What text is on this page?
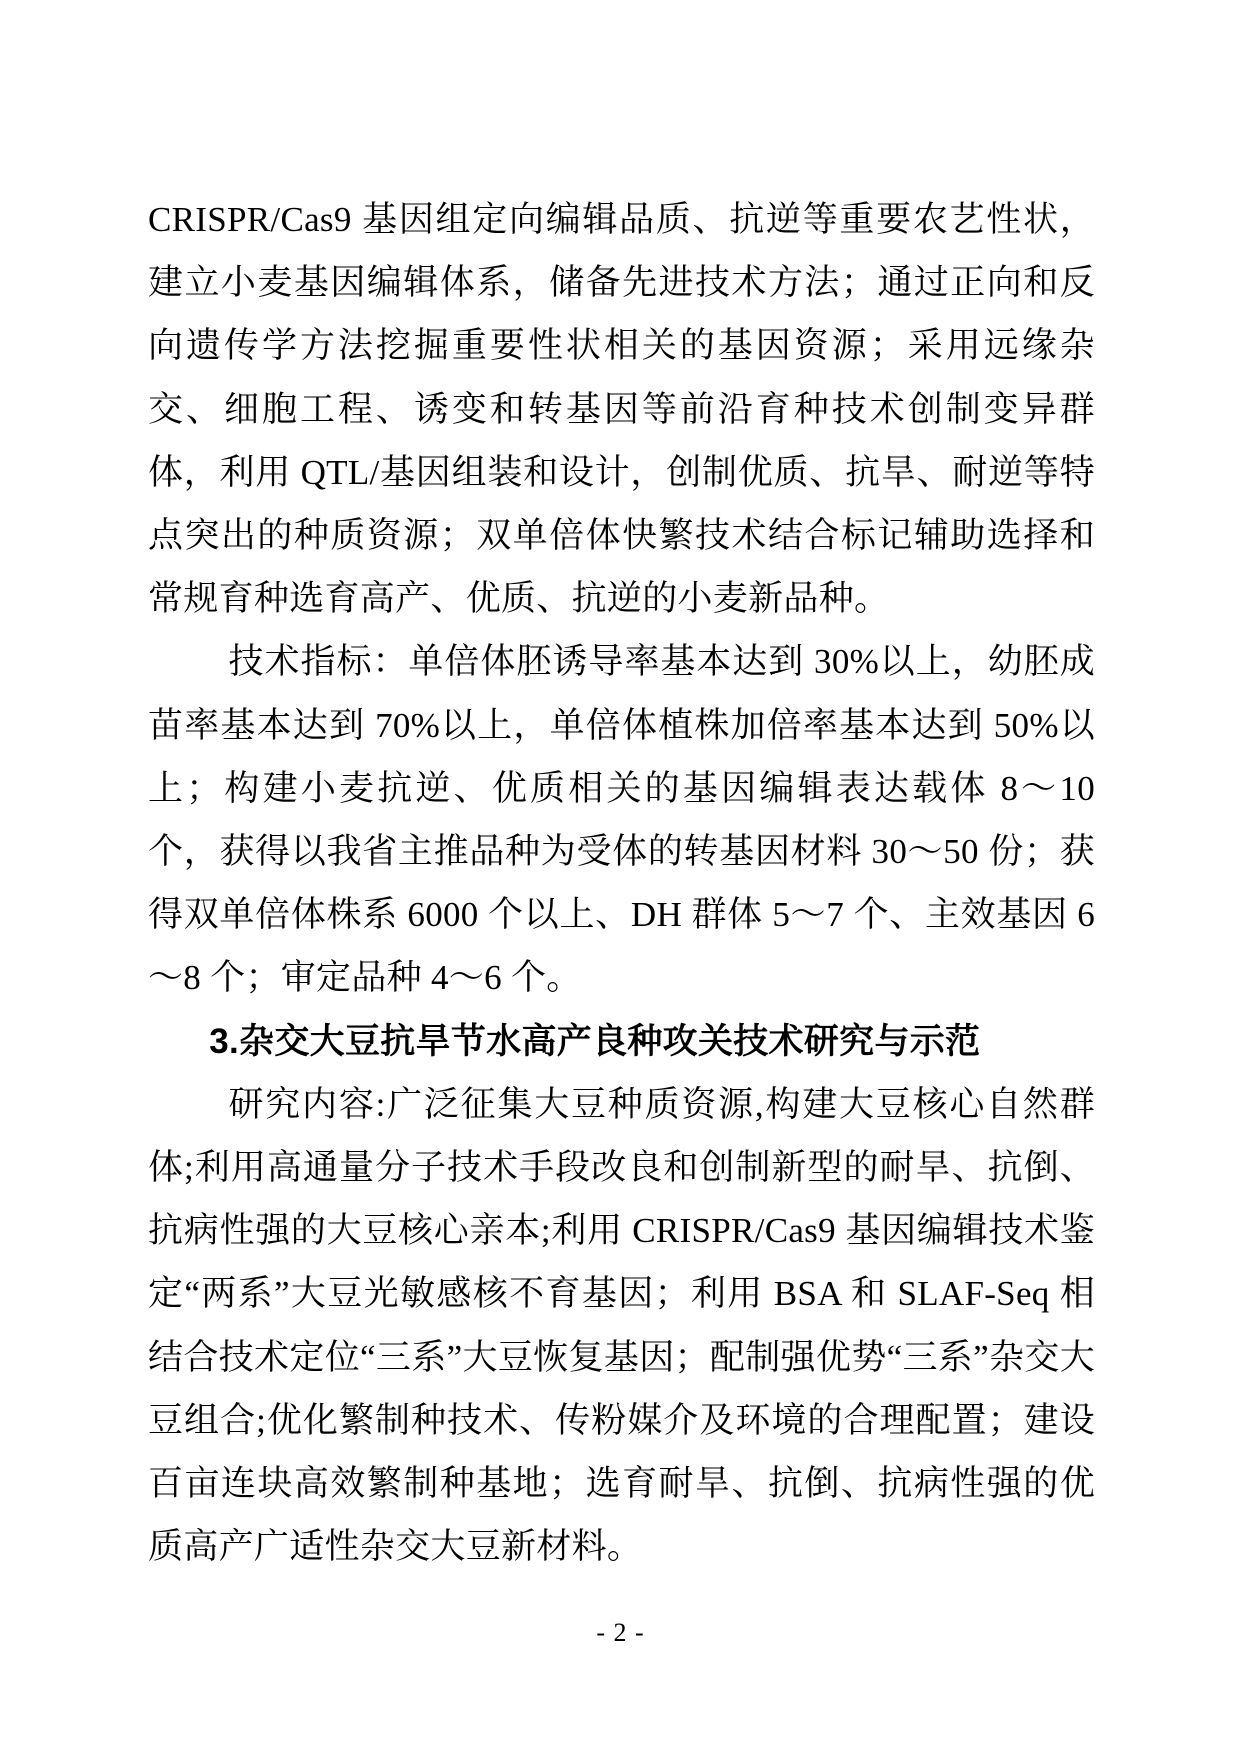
CRISPR/Cas9 基因组定向编辑品质、抗逆等重要农艺性状，建立小麦基因编辑体系，储备先进技术方法；通过正向和反向遗传学方法挖掘重要性状相关的基因资源；采用远缘杂交、细胞工程、诱变和转基因等前沿育种技术创制变异群体，利用 QTL/基因组装和设计，创制优质、抗旱、耐逆等特点突出的种质资源；双单倍体快繁技术结合标记辅助选择和常规育种选育高产、优质、抗逆的小麦新品种。

技术指标：单倍体胚诱导率基本达到 30%以上，幼胚成苗率基本达到 70%以上，单倍体植株加倍率基本达到 50%以上；构建小麦抗逆、优质相关的基因编辑表达载体 8～10 个，获得以我省主推品种为受体的转基因材料 30～50 份；获得双单倍体株系 6000 个以上、DH 群体 5～7 个、主效基因 6～8 个；审定品种 4～6 个。

3.杂交大豆抗旱节水高产良种攻关技术研究与示范

研究内容:广泛征集大豆种质资源,构建大豆核心自然群体;利用高通量分子技术手段改良和创制新型的耐旱、抗倒、抗病性强的大豆核心亲本;利用 CRISPR/Cas9 基因编辑技术鉴定“两系”大豆光敏感核不育基因；利用 BSA 和 SLAF-Seq 相结合技术定位“三系”大豆恢复基因；配制强优势“三系”杂交大豆组合;优化繁制种技术、传粉媒介及环境的合理配置；建设百亩连块高效繁制种基地；选育耐旱、抗倒、抗病性强的优质高产广适性杂交大豆新材料。

- 2 -
